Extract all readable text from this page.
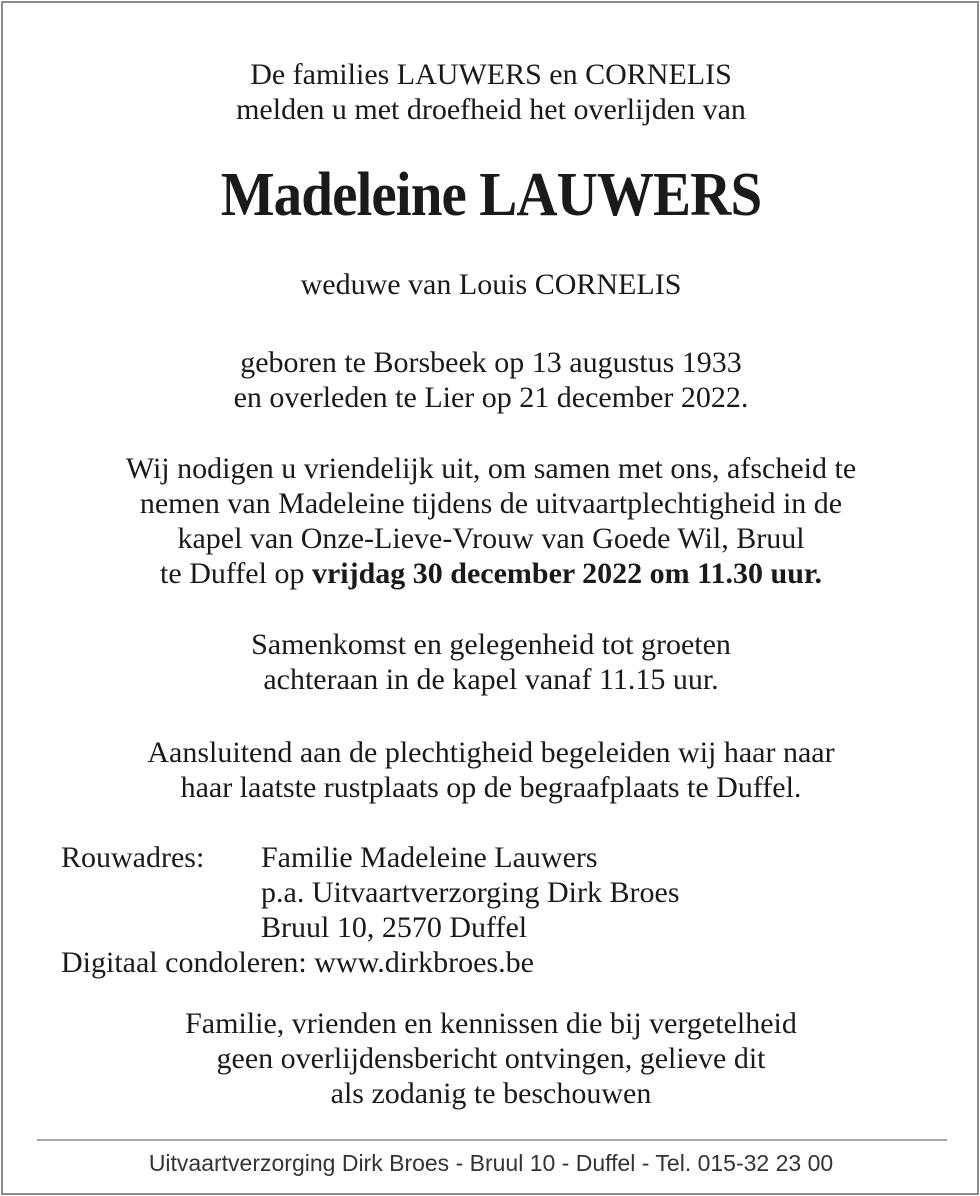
De families LAUWERS en CORNELIS
melden u met droefheid het overlijden van
Madeleine LAUWERS
weduwe van Louis CORNELIS
geboren te Borsbeek op 13 augustus 1933
en overleden te Lier op 21 december 2022.
Wij nodigen u vriendelijk uit, om samen met ons, afscheid te
nemen van Madeleine tijdens de uitvaartplechtigheid in de
kapel van Onze-Lieve-Vrouw van Goede Wil, Bruul
te Duffel op vrijdag 30 december 2022 om 11.30 uur.
Samenkomst en gelegenheid tot groeten
achteraan in de kapel vanaf 11.15 uur.
Aansluitend aan de plechtigheid begeleiden wij haar naar
haar laatste rustplaats op de begraafplaats te Duffel.
Rouwadres:	Familie Madeleine Lauwers
p.a. Uitvaartverzorging Dirk Broes
Bruul 10, 2570 Duffel
Digitaal condoleren: www.dirkbroes.be
Familie, vrienden en kennissen die bij vergetelheid
geen overlijdensbericht ontvingen, gelieve dit
als zodanig te beschouwen
Uitvaartverzorging Dirk Broes - Bruul 10 - Duffel - Tel. 015-32 23 00
